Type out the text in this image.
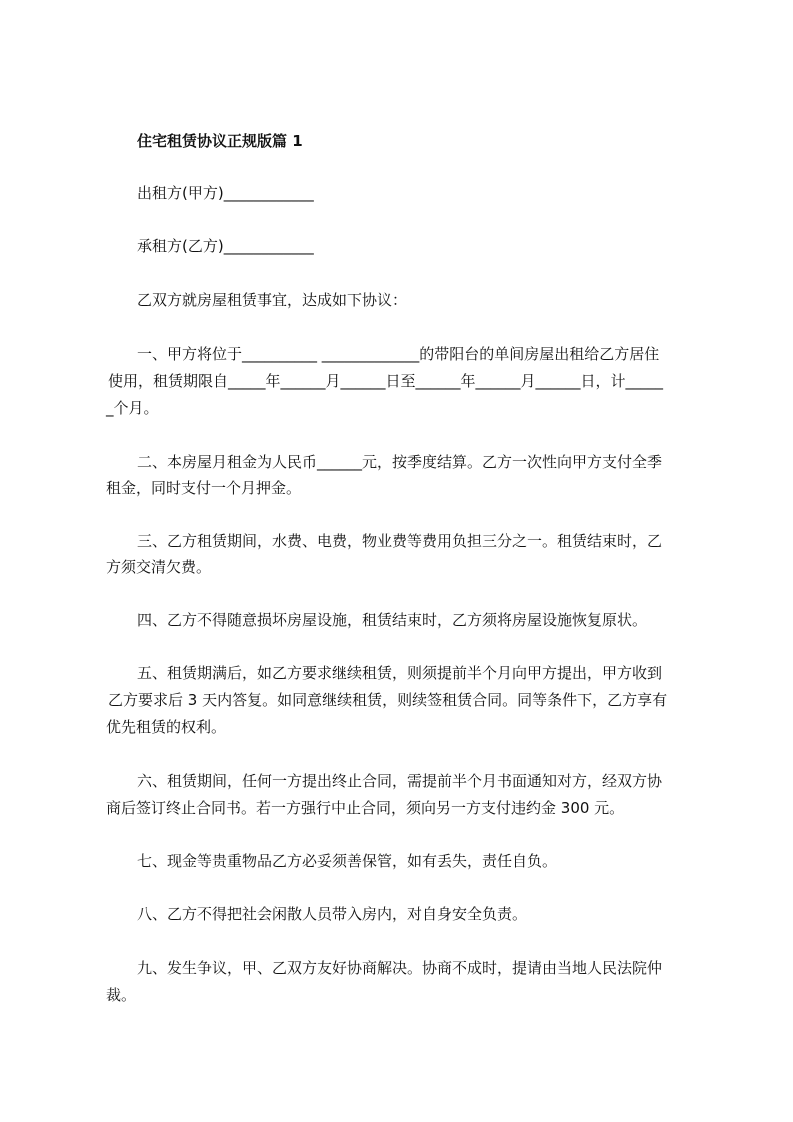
住宅租赁协议正规版篇 1
出租方(甲方)____________
承租方(乙方)____________
乙双方就房屋租赁事宜，达成如下协议：
一、甲方将位于__________ _____________的带阳台的单间房屋出租给乙方居住
使用，租赁期限自_____年______月______日至______年______月______日，计_____
_个月。
二、本房屋月租金为人民币______元，按季度结算。乙方一次性向甲方支付全季
租金，同时支付一个月押金。
三、乙方租赁期间，水费、电费，物业费等费用负担三分之一。租赁结束时，乙
方须交清欠费。
四、乙方不得随意损坏房屋设施，租赁结束时，乙方须将房屋设施恢复原状。
五、租赁期满后，如乙方要求继续租赁，则须提前半个月向甲方提出，甲方收到
乙方要求后 3 天内答复。如同意继续租赁，则续签租赁合同。同等条件下，乙方享有
优先租赁的权利。
六、租赁期间，任何一方提出终止合同，需提前半个月书面通知对方，经双方协
商后签订终止合同书。若一方强行中止合同，须向另一方支付违约金 300 元。
七、现金等贵重物品乙方必妥须善保管，如有丢失，责任自负。
八、乙方不得把社会闲散人员带入房内，对自身安全负责。
九、发生争议，甲、乙双方友好协商解决。协商不成时，提请由当地人民法院仲
裁。
